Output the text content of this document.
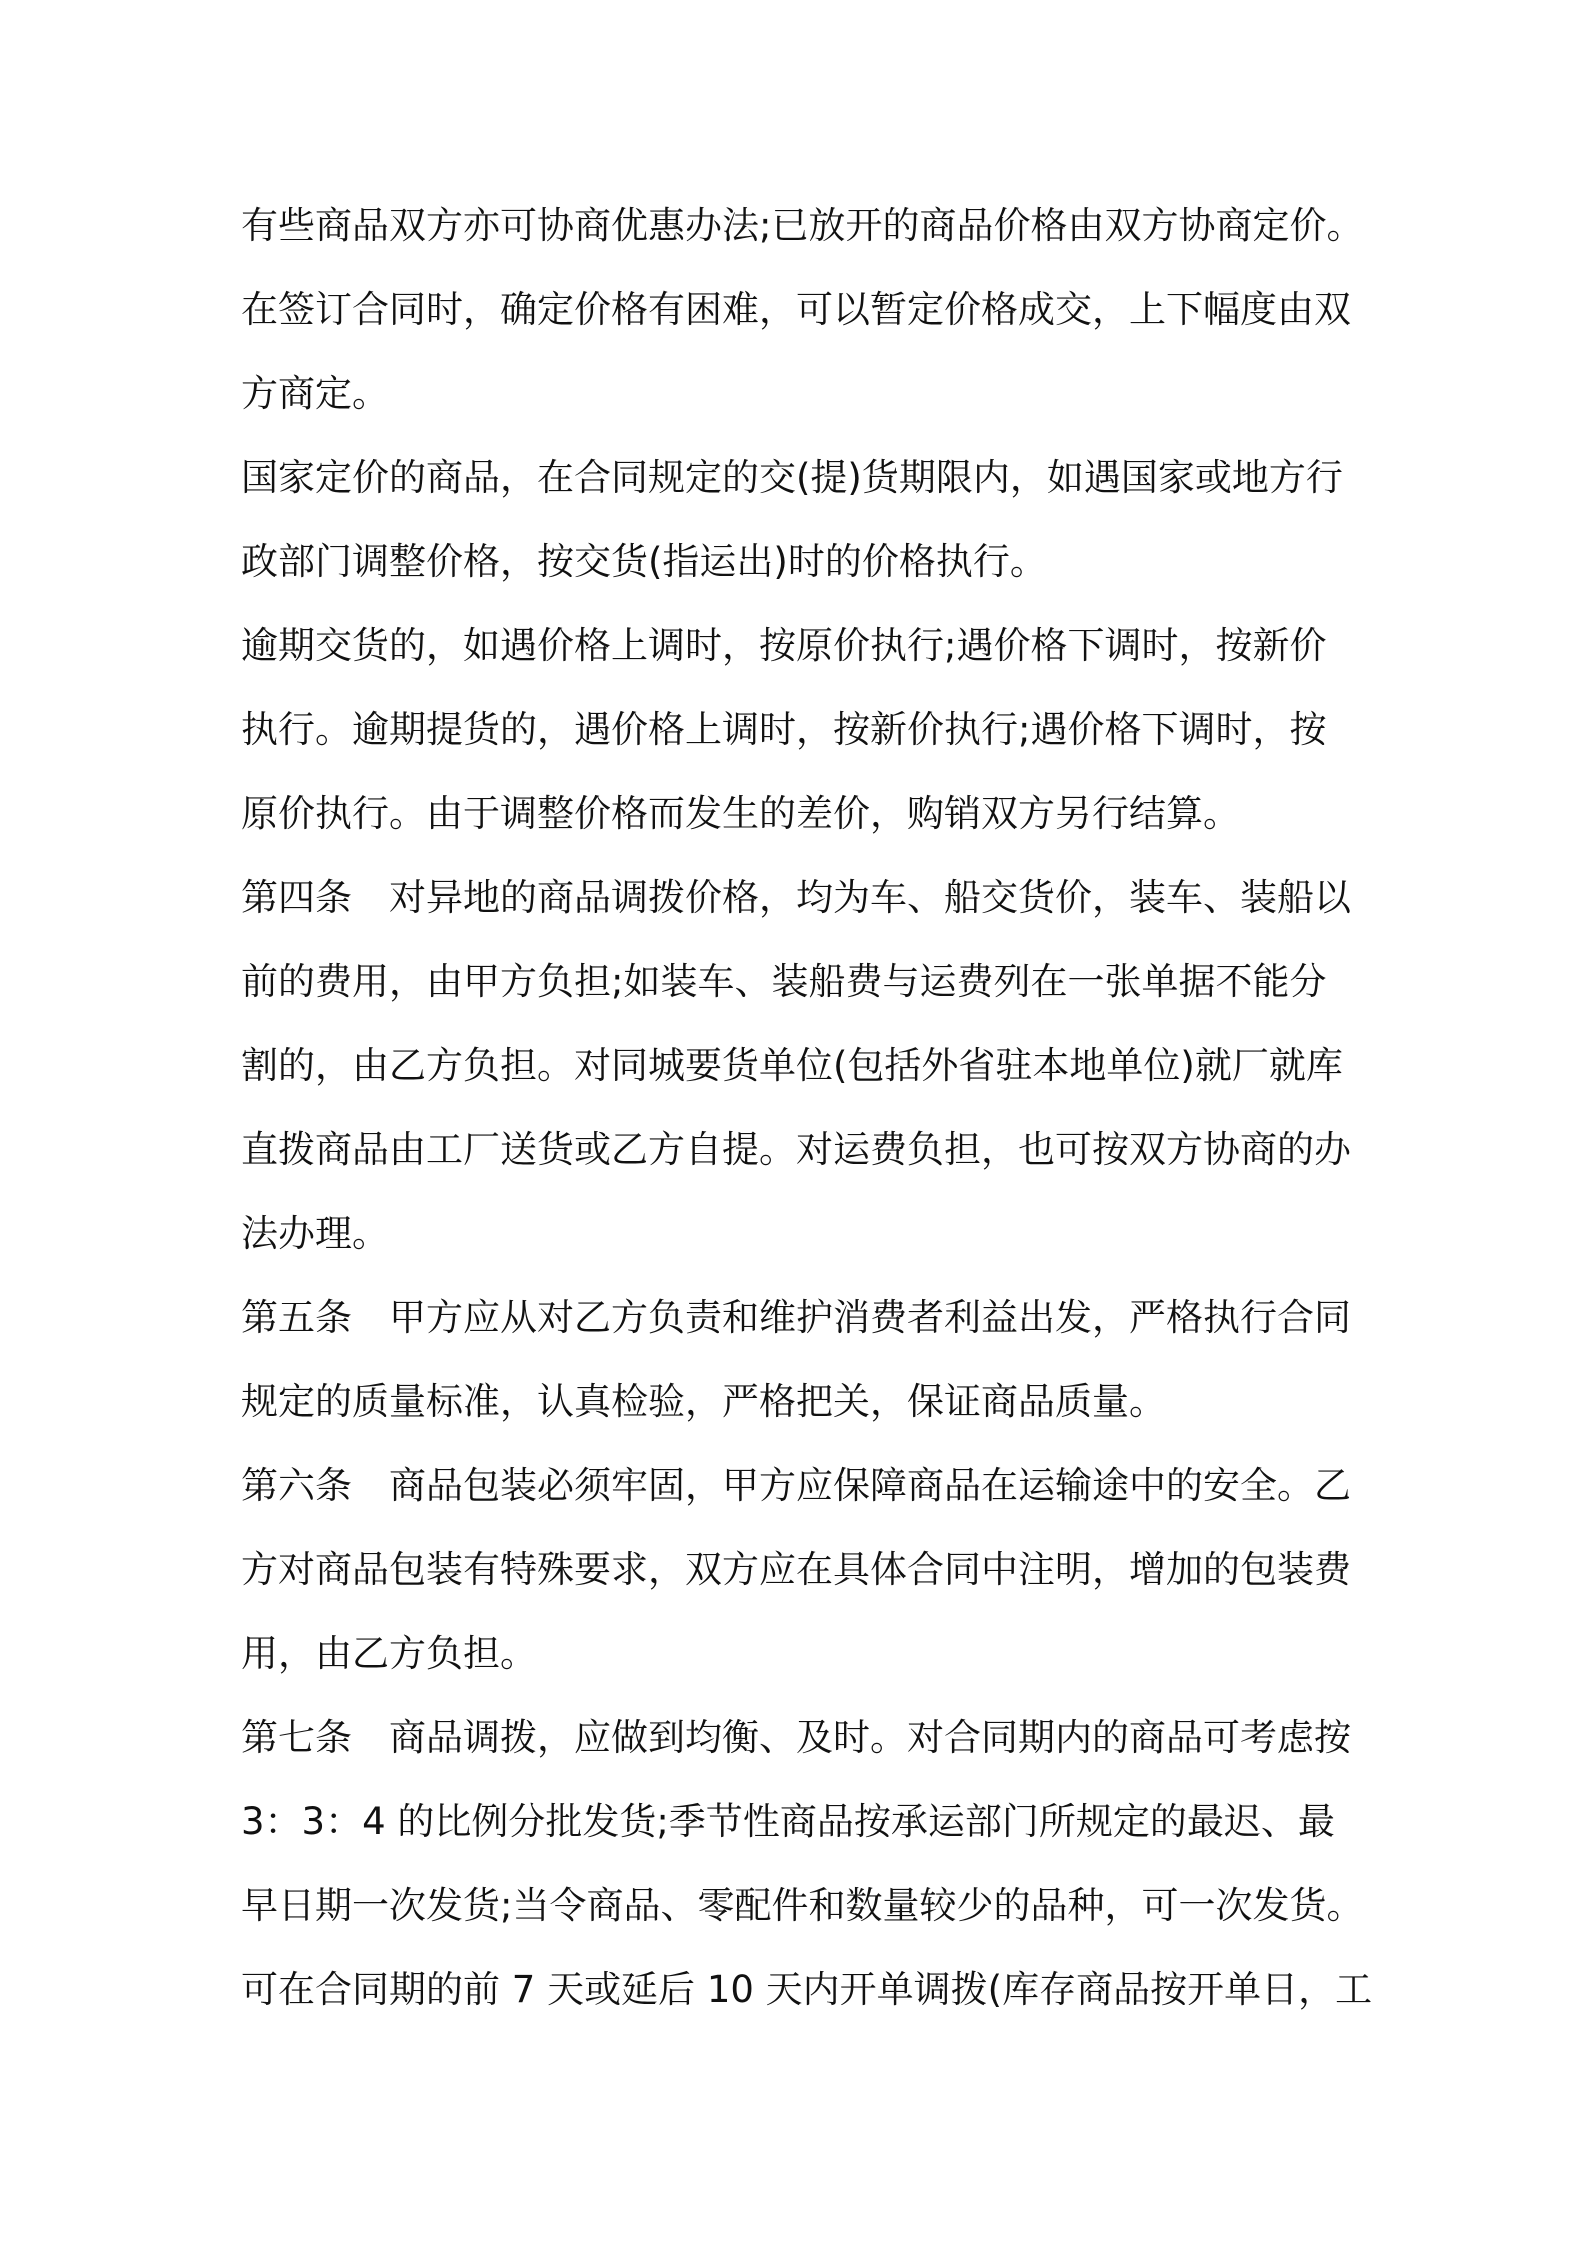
有些商品双方亦可协商优惠办法;已放开的商品价格由双方协商定价。
在签订合同时，确定价格有困难，可以暂定价格成交，上下幅度由双
方商定。
国家定价的商品，在合同规定的交(提)货期限内，如遇国家或地方行
政部门调整价格，按交货(指运出)时的价格执行。
逾期交货的，如遇价格上调时，按原价执行;遇价格下调时，按新价
执行。逾期提货的，遇价格上调时，按新价执行;遇价格下调时，按
原价执行。由于调整价格而发生的差价，购销双方另行结算。
第四条　对异地的商品调拨价格，均为车、船交货价，装车、装船以
前的费用，由甲方负担;如装车、装船费与运费列在一张单据不能分
割的，由乙方负担。对同城要货单位(包括外省驻本地单位)就厂就库
直拨商品由工厂送货或乙方自提。对运费负担，也可按双方协商的办
法办理。
第五条　甲方应从对乙方负责和维护消费者利益出发，严格执行合同
规定的质量标准，认真检验，严格把关，保证商品质量。
第六条　商品包装必须牢固，甲方应保障商品在运输途中的安全。乙
方对商品包装有特殊要求，双方应在具体合同中注明，增加的包装费
用，由乙方负担。
第七条　商品调拨，应做到均衡、及时。对合同期内的商品可考虑按
3：3：4 的比例分批发货;季节性商品按承运部门所规定的最迟、最
早日期一次发货;当令商品、零配件和数量较少的品种，可一次发货。
可在合同期的前 7 天或延后 10 天内开单调拨(库存商品按开单日，工
